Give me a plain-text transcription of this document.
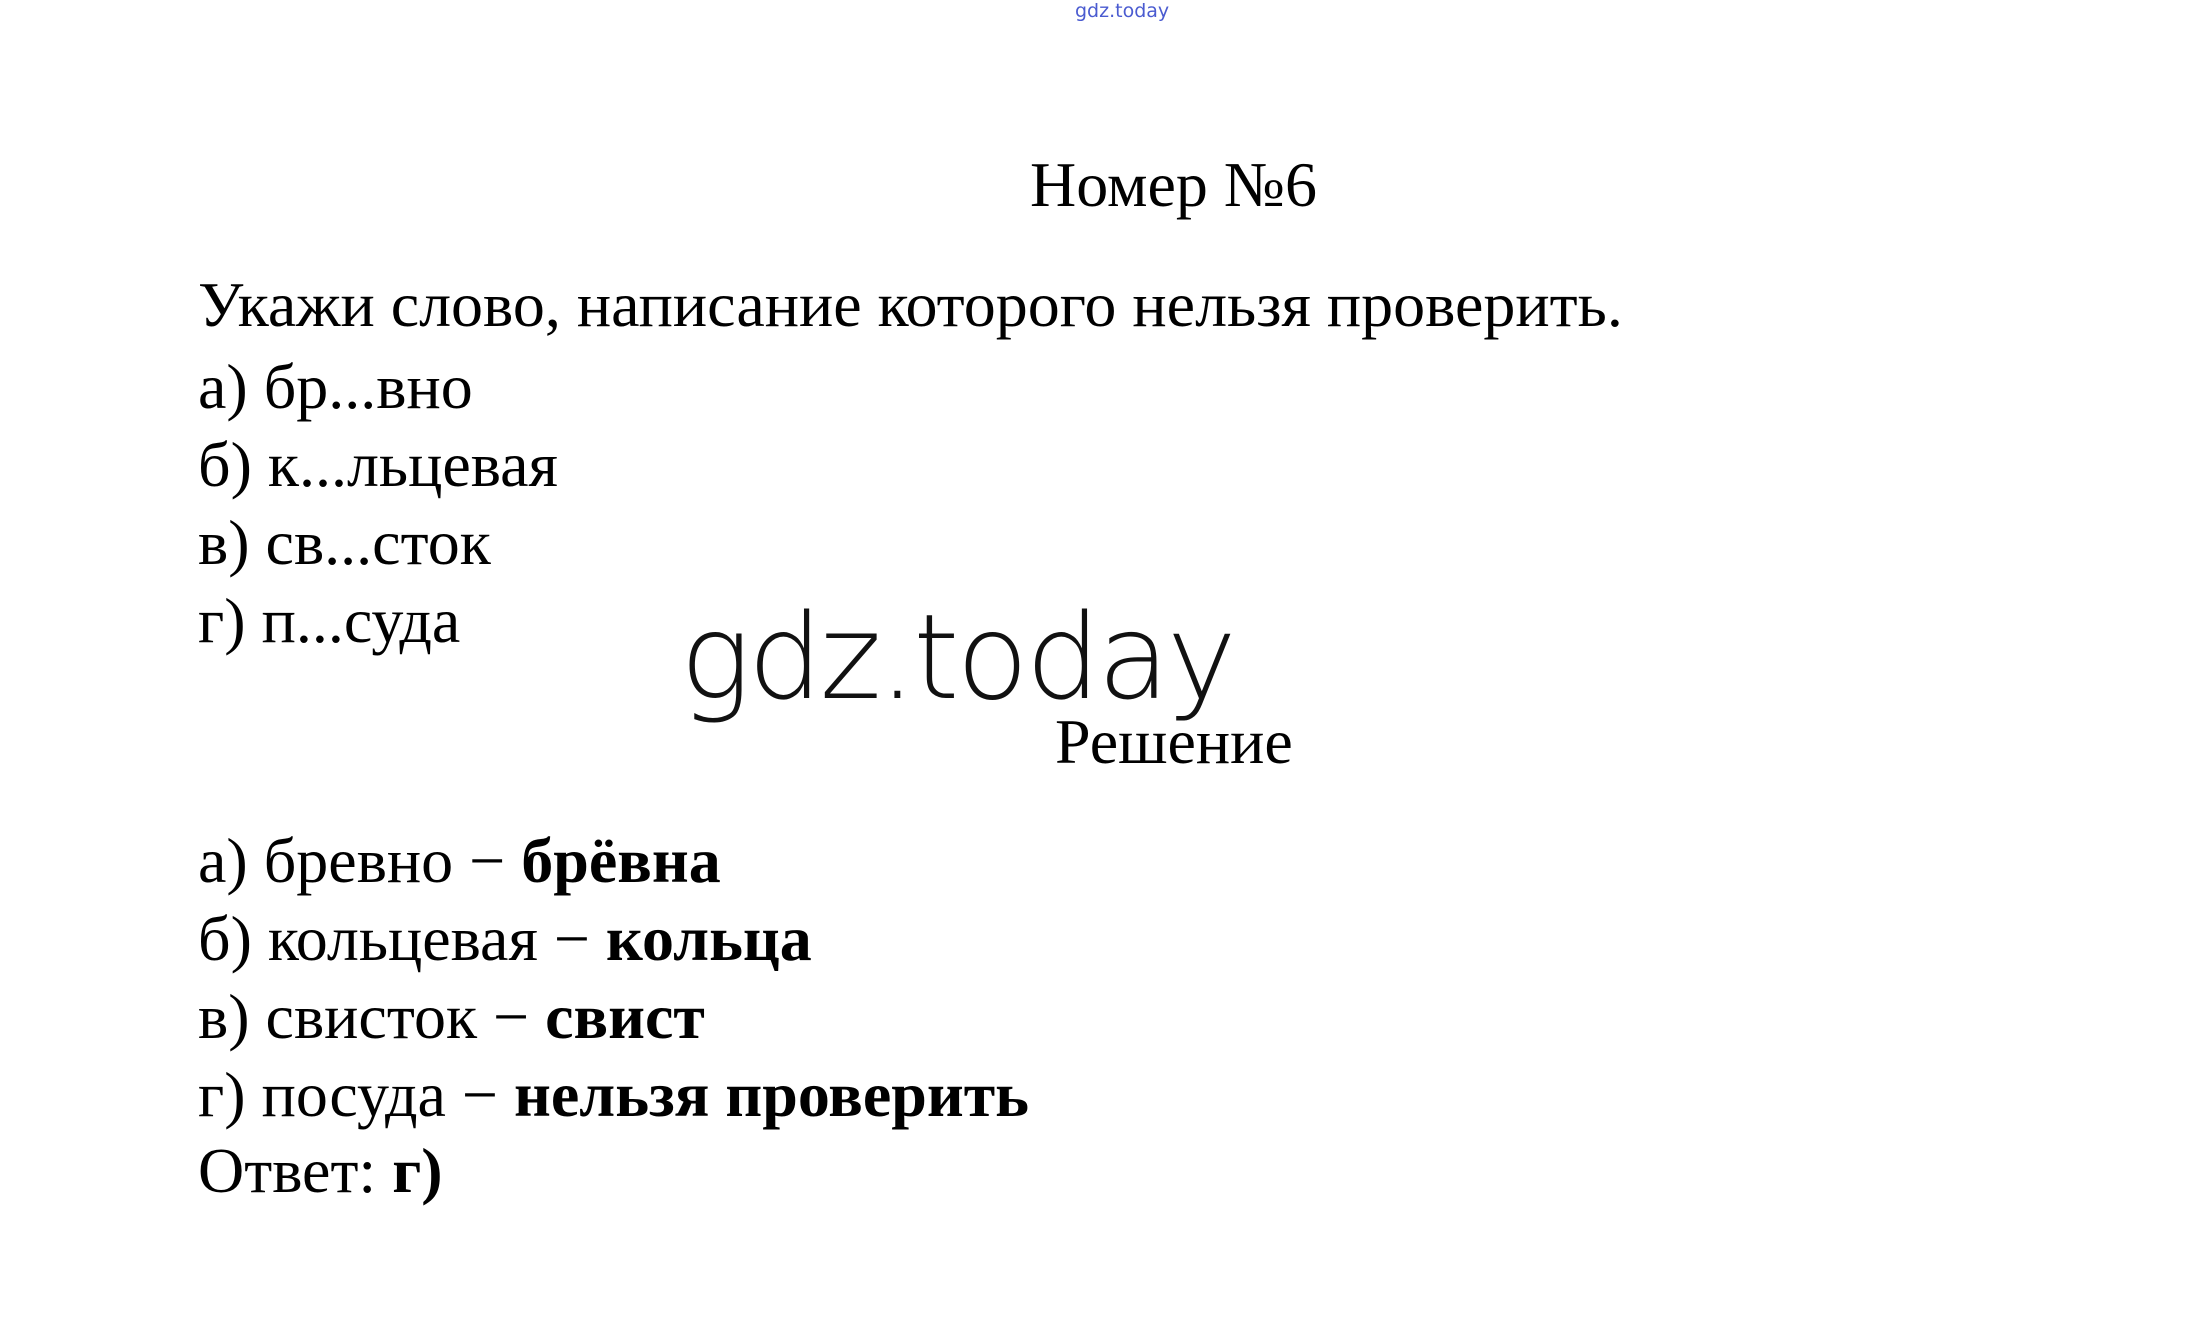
gdz.today
Номер №6
Укажи слово, написание которого нельзя проверить.
а) бр...вно
б) к...льцевая
в) св...сток
г) п...суда	gdz.today
Решение
а) бревно − брёвна
б) кольцевая − кольца
в) свисток − свист
г) посуда − нельзя проверить
Ответ: г)
